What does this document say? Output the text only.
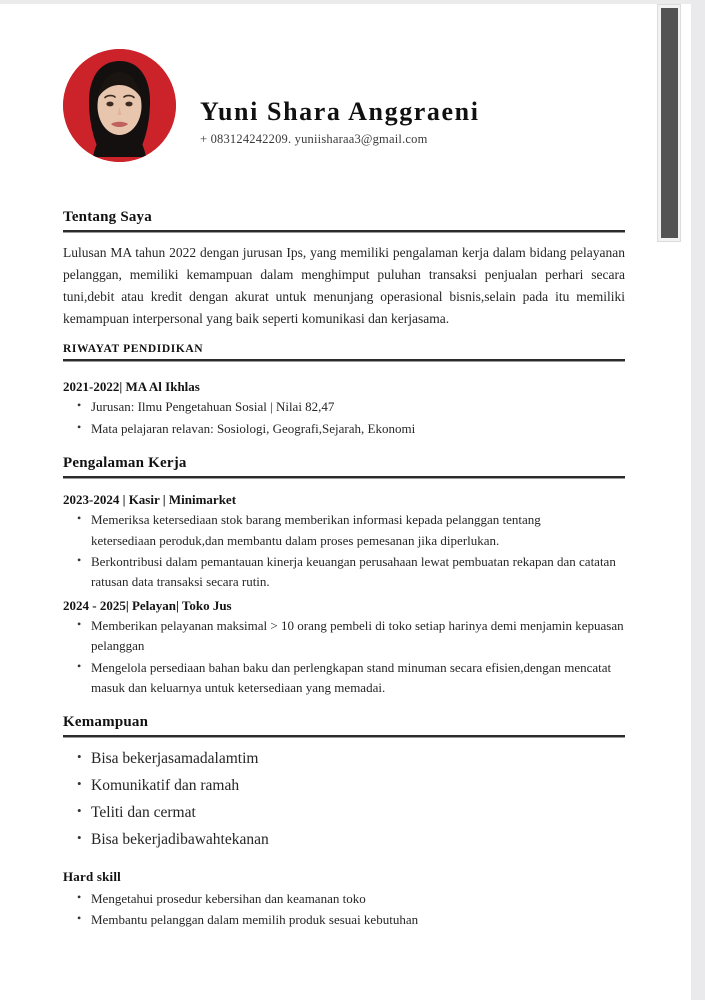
Yuni Shara Anggraeni
+ 083124242209. yuniisharaa3@gmail.com
Tentang Saya

Lulusan MA tahun 2022 dengan jurusan Ips, yang memiliki pengalaman kerja dalam bidang pelayanan pelanggan, memiliki kemampuan dalam menghimput puluhan transaksi penjualan perhari secara tuni,debit atau kredit dengan akurat untuk menunjang operasional bisnis,selain pada itu memiliki kemampuan interpersonal yang baik seperti komunikasi dan kerjasama.

RIWAYAT PENDIDIKAN
2021-2022| MA Al Ikhlas
• Jurusan: Ilmu Pengetahuan Sosial | Nilai 82,47
• Mata pelajaran relavan: Sosiologi, Geografi,Sejarah, Ekonomi
Pengalaman Kerja
2023-2024 | Kasir | Minimarket
• Memeriksa ketersediaan stok barang memberikan informasi kepada pelanggan tentang
ketersediaan peroduk,dan membantu dalam proses pemesanan jika diperlukan.
• Berkontribusi dalam pemantauan kinerja keuangan perusahaan lewat pembuatan rekapan dan catatan ratusan data transaksi secara rutin.
2024 - 2025| Pelayan| Toko Jus
• Memberikan pelayanan maksimal > 10 orang pembeli di toko setiap harinya demi menjamin kepuasan pelanggan
• Mengelola persediaan bahan baku dan perlengkapan stand minuman secara efisien,dengan mencatat masuk dan keluarnya untuk ketersediaan yang memadai.
Kemampuan
• Bisa bekerjasamadalamtim
• Komunikatif dan ramah
• Teliti dan cermat
• Bisa bekerjadibawahtekanan
Hard skill
• Mengetahui prosedur kebersihan dan keamanan toko
• Membantu pelanggan dalam memilih produk sesuai kebutuhan
